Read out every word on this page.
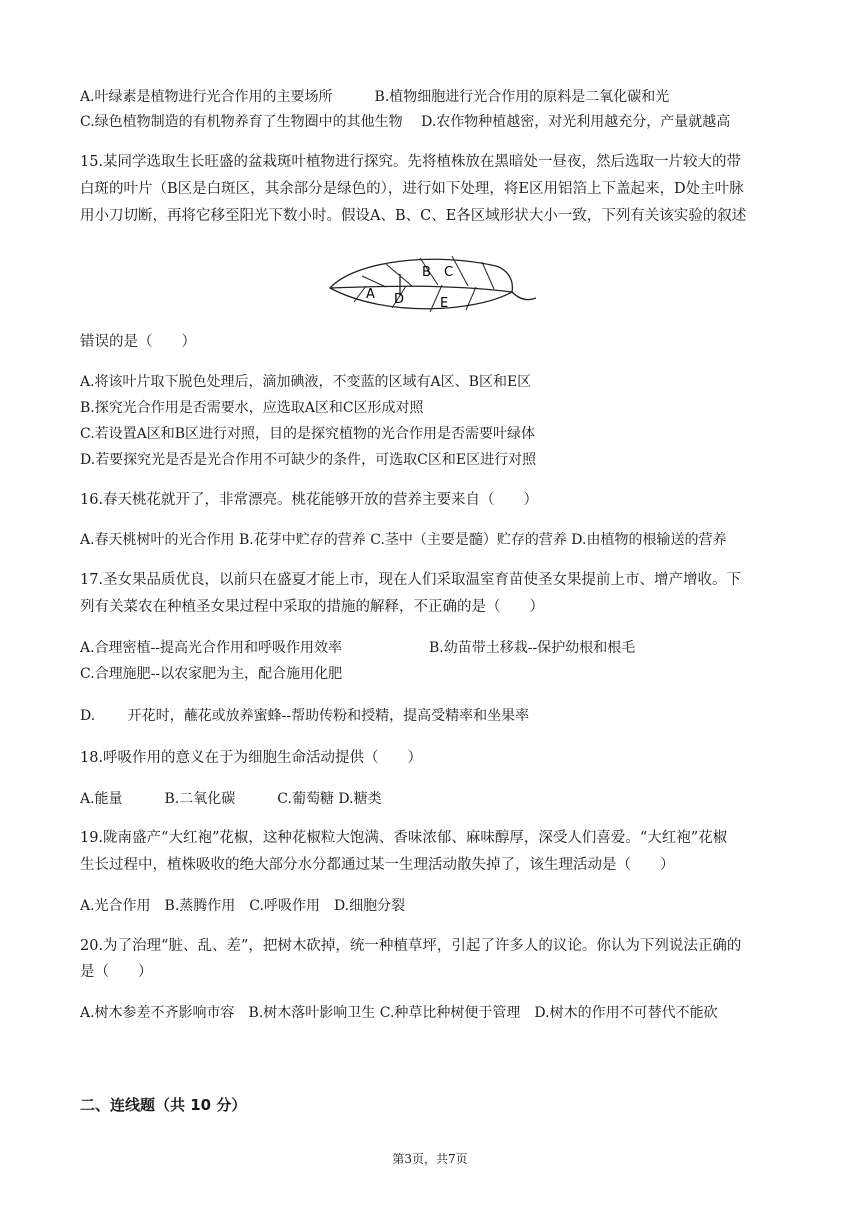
A.叶绿素是植物进行光合作用的主要场所　　　B.植物细胞进行光合作用的原料是二氧化碳和光
C.绿色植物制造的有机物养育了生物圈中的其他生物　 D.农作物种植越密，对光利用越充分，产量就越高
15.某同学选取生长旺盛的盆栽斑叶植物进行探究。先将植株放在黑暗处一昼夜，然后选取一片较大的带
白斑的叶片（B区是白斑区，其余部分是绿色的），进行如下处理，将E区用铝箔上下盖起来，D处主叶脉
用小刀切断，再将它移至阳光下数小时。假设A、B、C、E各区域形状大小一致，下列有关该实验的叙述
B C
A D	E
错误的是（　　）
A.将该叶片取下脱色处理后，滴加碘液，不变蓝的区域有A区、B区和E区
B.探究光合作用是否需要水，应选取A区和C区形成对照
C.若设置A区和B区进行对照，目的是探究植物的光合作用是否需要叶绿体
D.若要探究光是否是光合作用不可缺少的条件，可选取C区和E区进行对照
16.春天桃花就开了，非常漂亮。桃花能够开放的营养主要来自（　　）
A.春天桃树叶的光合作用 B.花芽中贮存的营养 C.茎中（主要是髓）贮存的营养 D.由植物的根输送的营养
17.圣女果品质优良，以前只在盛夏才能上市，现在人们采取温室育苗使圣女果提前上市、增产增收。下
列有关菜农在种植圣女果过程中采取的措施的解释，不正确的是（　　）
A.合理密植--提高光合作用和呼吸作用效率	B.幼苗带土移栽--保护幼根和根毛
C.合理施肥--以农家肥为主，配合施用化肥
D.　　 开花时，蘸花或放养蜜蜂--帮助传粉和授精，提高受精率和坐果率
18.呼吸作用的意义在于为细胞生命活动提供（　　）
A.能量　　　B.二氧化碳　　　C.葡萄糖 D.糖类
19.陇南盛产“大红袍”花椒，这种花椒粒大饱满、香味浓郁、麻味醇厚，深受人们喜爱。“大红袍”花椒
生长过程中，植株吸收的绝大部分水分都通过某一生理活动散失掉了，该生理活动是（　　）
A.光合作用　B.蒸腾作用　C.呼吸作用　D.细胞分裂
20.为了治理“脏、乱、差”，把树木砍掉，统一种植草坪，引起了许多人的议论。你认为下列说法正确的
是（　　）
A.树木参差不齐影响市容　B.树木落叶影响卫生 C.种草比种树便于管理　D.树木的作用不可替代不能砍
二、连线题（共 10 分）
第3页，共7页
